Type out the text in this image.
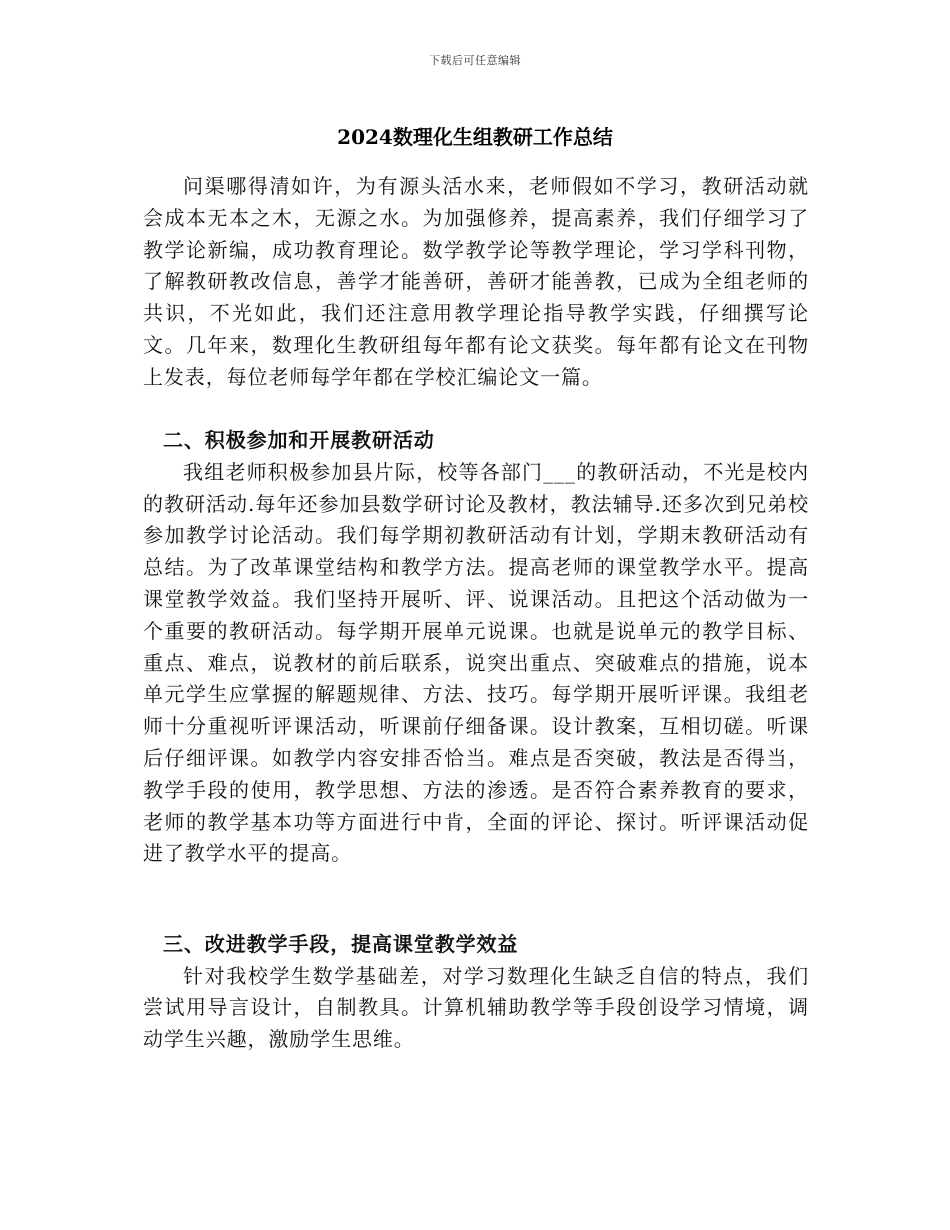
下载后可任意编辑
2024数理化生组教研工作总结

问渠哪得清如许，为有源头活水来，老师假如不学习，教研活动就会成本无本之木，无源之水。为加强修养，提高素养，我们仔细学习了教学论新编，成功教育理论。数学教学论等教学理论，学习学科刊物，了解教研教改信息，善学才能善研，善研才能善教，已成为全组老师的共识，不光如此，我们还注意用教学理论指导教学实践，仔细撰写论文。几年来，数理化生教研组每年都有论文获奖。每年都有论文在刊物上发表，每位老师每学年都在学校汇编论文一篇。

二、积极参加和开展教研活动

我组老师积极参加县片际，校等各部门___的教研活动，不光是校内的教研活动.每年还参加县数学研讨论及教材，教法辅导.还多次到兄弟校参加教学讨论活动。我们每学期初教研活动有计划，学期末教研活动有总结。为了改革课堂结构和教学方法。提高老师的课堂教学水平。提高课堂教学效益。我们坚持开展听、评、说课活动。且把这个活动做为一个重要的教研活动。每学期开展单元说课。也就是说单元的教学目标、重点、难点，说教材的前后联系，说突出重点、突破难点的措施，说本单元学生应掌握的解题规律、方法、技巧。每学期开展听评课。我组老师十分重视听评课活动，听课前仔细备课。设计教案，互相切磋。听课后仔细评课。如教学内容安排否恰当。难点是否突破，教法是否得当，教学手段的使用，教学思想、方法的渗透。是否符合素养教育的要求，老师的教学基本功等方面进行中肯，全面的评论、探讨。听评课活动促进了教学水平的提高。

三、改进教学手段，提高课堂教学效益

针对我校学生数学基础差，对学习数理化生缺乏自信的特点，我们尝试用导言设计，自制教具。计算机辅助教学等手段创设学习情境，调动学生兴趣，激励学生思维。
